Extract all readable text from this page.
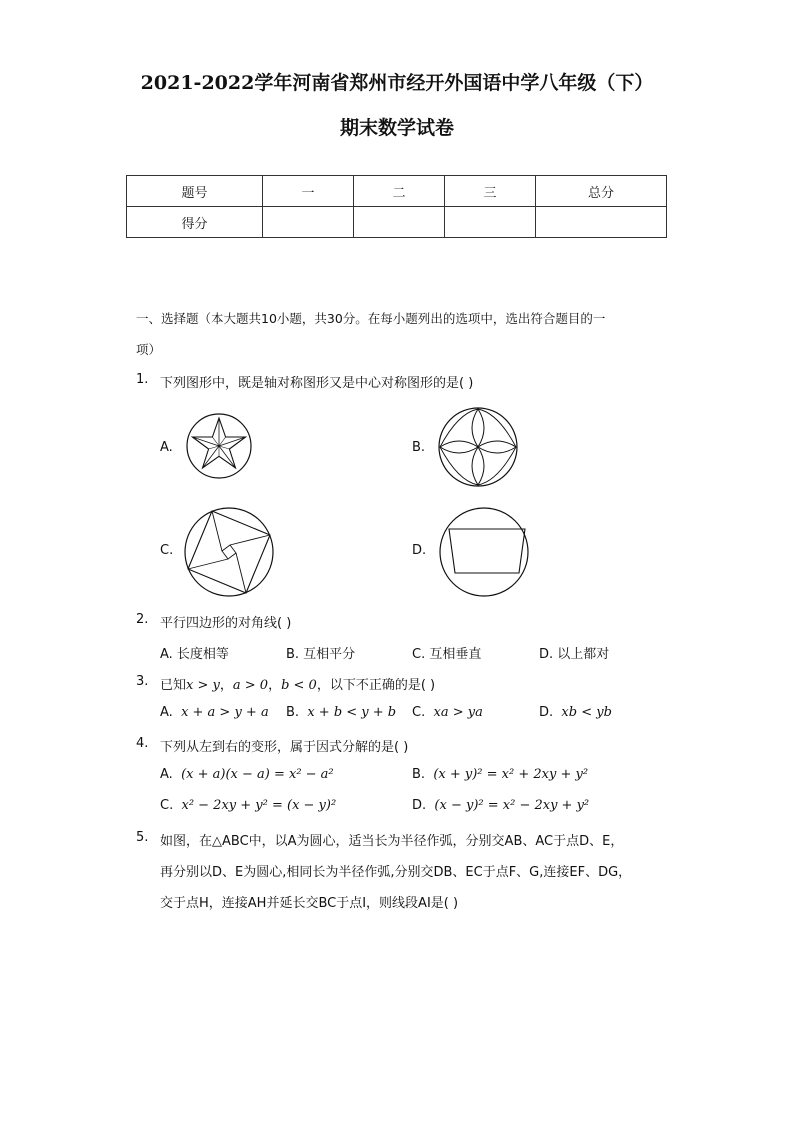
2021-2022学年河南省郑州市经开外国语中学八年级（下）
期末数学试卷
题号	一	二	三	总分
得分				
一、选择题（本大题共10小题，共30分。在每小题列出的选项中，选出符合题目的一
项）
1. 下列图形中，既是轴对称图形又是中心对称图形的是( )
A.	B.
C.	D.
2. 平行四边形的对角线( )
A. 长度相等	B. 互相平分	C. 互相垂直	D. 以上都对
3. 已知x > y，a > 0，b < 0，以下不正确的是( )
A. x + a > y + a B. x + b < y + b C. xa > ya	D. xb < yb
4. 下列从左到右的变形，属于因式分解的是( )
A. (x + a)(x − a) = x² − a²	B. (x + y)² = x² + 2xy + y²
C. x² − 2xy + y² = (x − y)²	D. (x − y)² = x² − 2xy + y²
5. 如图，在△ABC中，以A为圆心，适当长为半径作弧，分别交AB、AC于点D、E，
再分别以D、E为圆心,相同长为半径作弧,分别交DB、EC于点F、G,连接EF、DG，
交于点H，连接AH并延长交BC于点I，则线段AI是( )
